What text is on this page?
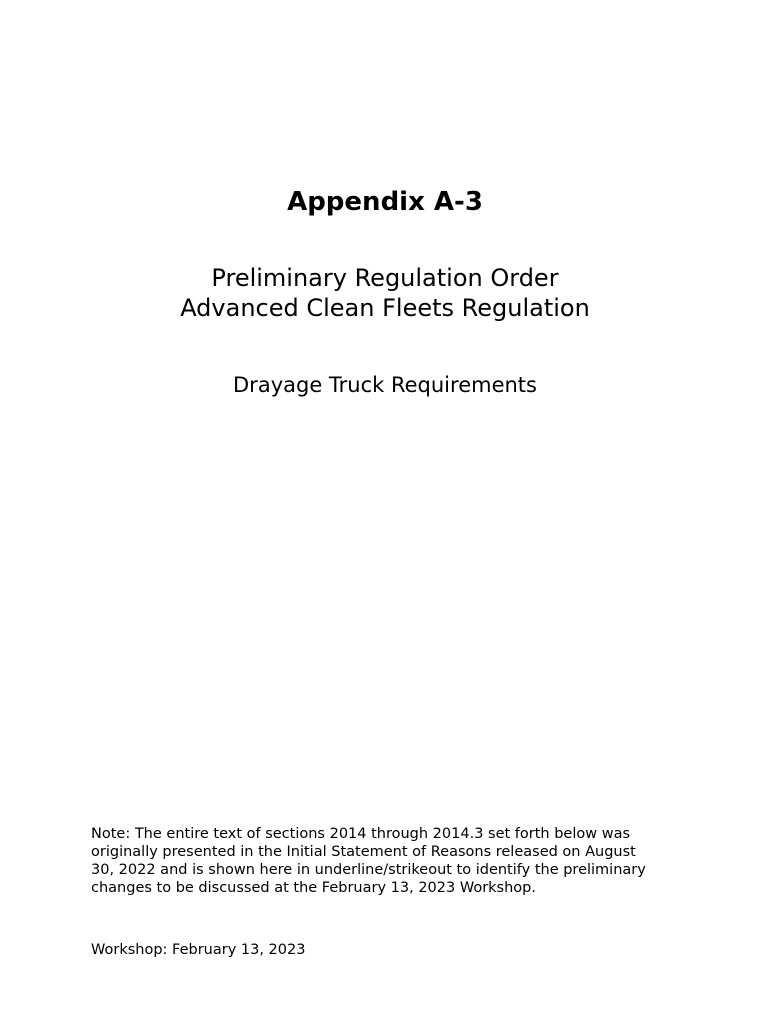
Appendix A-3
Preliminary Regulation Order
Advanced Clean Fleets Regulation
Drayage Truck Requirements
Note: The entire text of sections 2014 through 2014.3 set forth below was
originally presented in the Initial Statement of Reasons released on August
30, 2022 and is shown here in underline/strikeout to identify the preliminary
changes to be discussed at the February 13, 2023 Workshop.
Workshop: February 13, 2023
